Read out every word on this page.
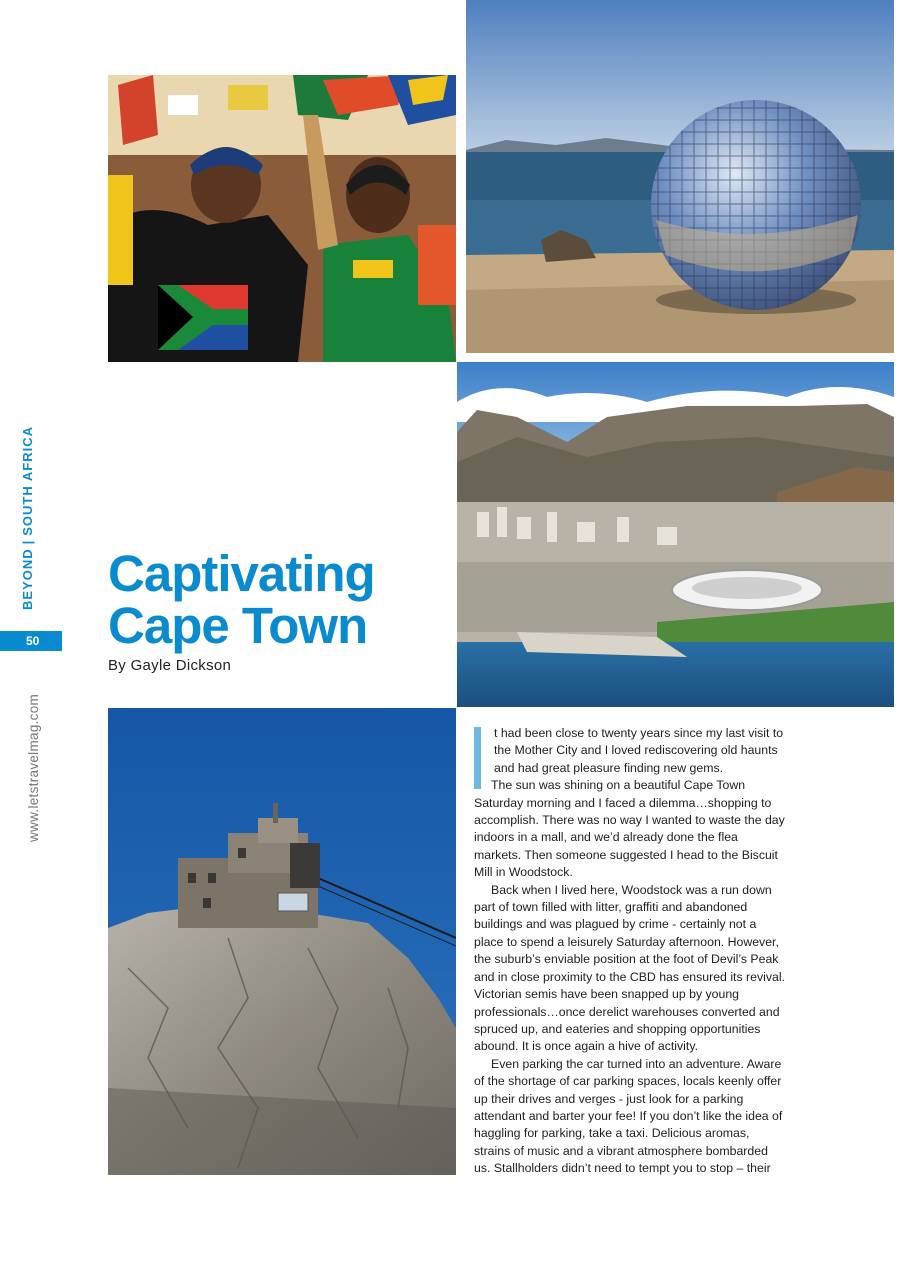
BEYOND|SOUTH AFRICA
50
www.letstravelmag.com
Captivating
Cape Town
By Gayle Dickson

t had been close to twenty years since my last visit to the Mother City and I loved rediscovering old haunts and had great pleasure finding new gems.

The sun was shining on a beautiful Cape Town Saturday morning and I faced a dilemma…shopping to accomplish. There was no way I wanted to waste the day indoors in a mall, and we’d already done the flea markets. Then someone suggested I head to the Biscuit Mill in Woodstock.

Back when I lived here, Woodstock was a run down part of town filled with litter, graffiti and abandoned buildings and was plagued by crime - certainly not a place to spend a leisurely Saturday afternoon. However, the suburb’s enviable position at the foot of Devil’s Peak and in close proximity to the CBD has ensured its revival. Victorian semis have been snapped up by young professionals…once derelict warehouses converted and spruced up, and eateries and shopping opportunities abound. It is once again a hive of activity.

Even parking the car turned into an adventure. Aware of the shortage of car parking spaces, locals keenly offer up their drives and verges - just look for a parking attendant and barter your fee! If you don’t like the idea of haggling for parking, take a taxi. Delicious aromas, strains of music and a vibrant atmosphere bombarded us. Stallholders didn’t need to tempt you to stop – their
